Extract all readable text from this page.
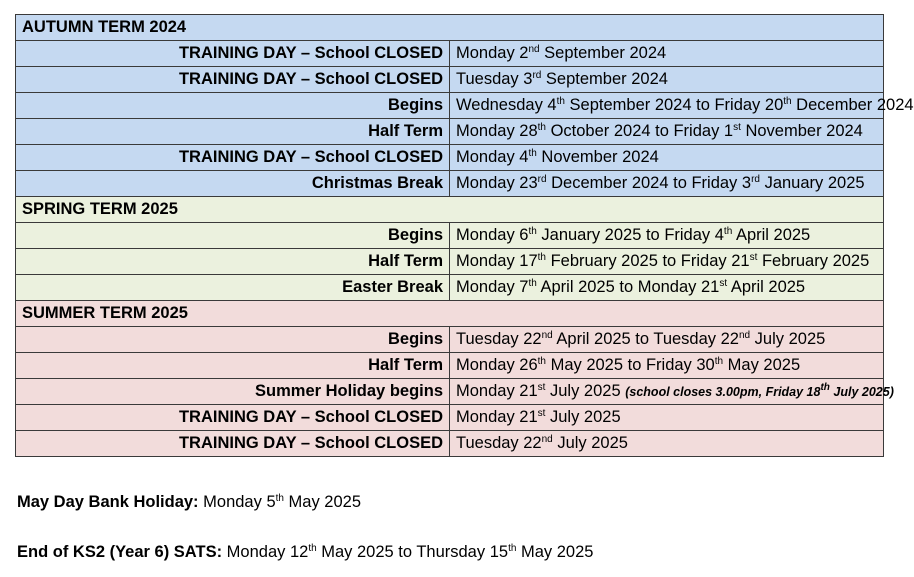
AUTUMN TERM 2024	
TRAINING DAY – School CLOSED	Monday 2nd September 2024
TRAINING DAY – School CLOSED	Tuesday 3rd September 2024
Begins	Wednesday 4th September 2024 to Friday 20th December 2024
Half Term	Monday 28th October 2024 to Friday 1st November 2024
TRAINING DAY – School CLOSED	Monday 4th November 2024
Christmas Break	Monday 23rd December 2024 to Friday 3rd January 2025
SPRING TERM 2025	
Begins	Monday 6th January 2025 to Friday 4th April 2025
Half Term	Monday 17th February 2025 to Friday 21st February 2025
Easter Break	Monday 7th April 2025 to Monday 21st April 2025
SUMMER TERM 2025	
Begins	Tuesday 22nd April 2025 to Tuesday 22nd July 2025
Half Term	Monday 26th May 2025 to Friday 30th May 2025
Summer Holiday begins	Monday 21st July 2025 (school closes 3.00pm, Friday 18th July 2025)
TRAINING DAY – School CLOSED	Monday 21st July 2025
TRAINING DAY – School CLOSED	Tuesday 22nd July 2025
May Day Bank Holiday: Monday 5th May 2025
End of KS2 (Year 6) SATS: Monday 12th May 2025 to Thursday 15th May 2025
